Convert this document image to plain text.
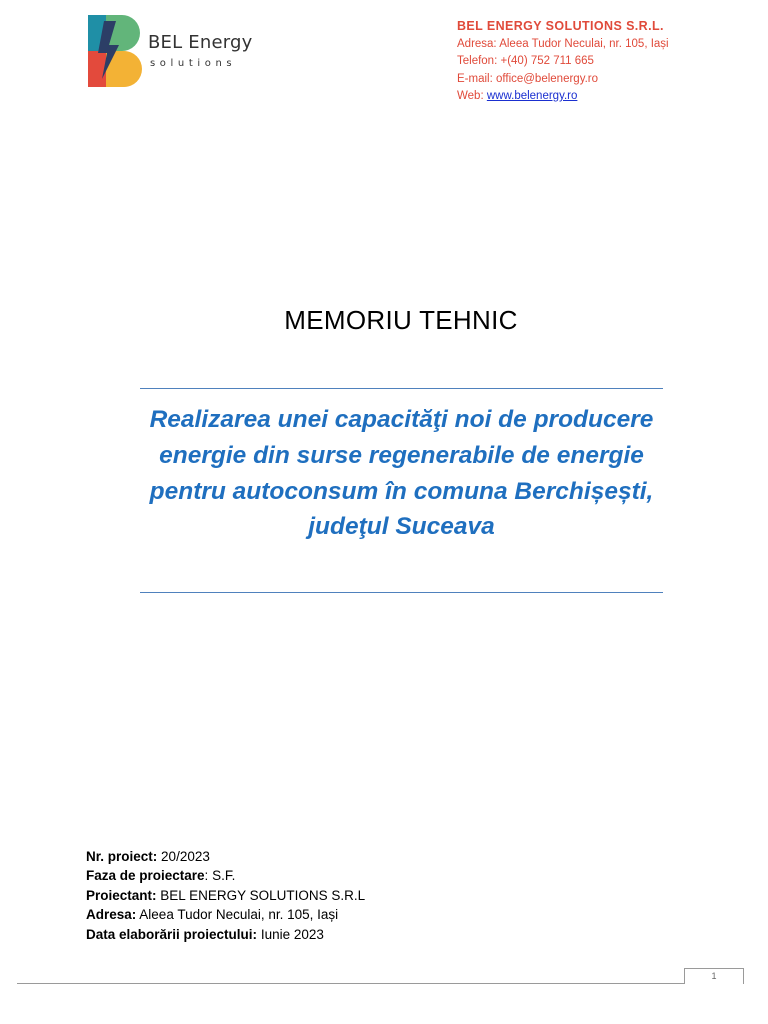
BEL Energy
solutions
BEL ENERGY SOLUTIONS S.R.L.
Adresa: Aleea Tudor Neculai, nr. 105, Iași
Telefon: +(40) 752 711 665
E-mail: office@belenergy.ro
Web: www.belenergy.ro
MEMORIU TEHNIC
Realizarea unei capacităţi noi de producere energie din surse regenerabile de energie pentru autoconsum în comuna Berchișești, judeţul Suceava
Nr. proiect: 20/2023
Faza de proiectare: S.F.
Proiectant: BEL ENERGY SOLUTIONS S.R.L
Adresa: Aleea Tudor Neculai, nr. 105, Iași
Data elaborării proiectului: Iunie 2023
1
